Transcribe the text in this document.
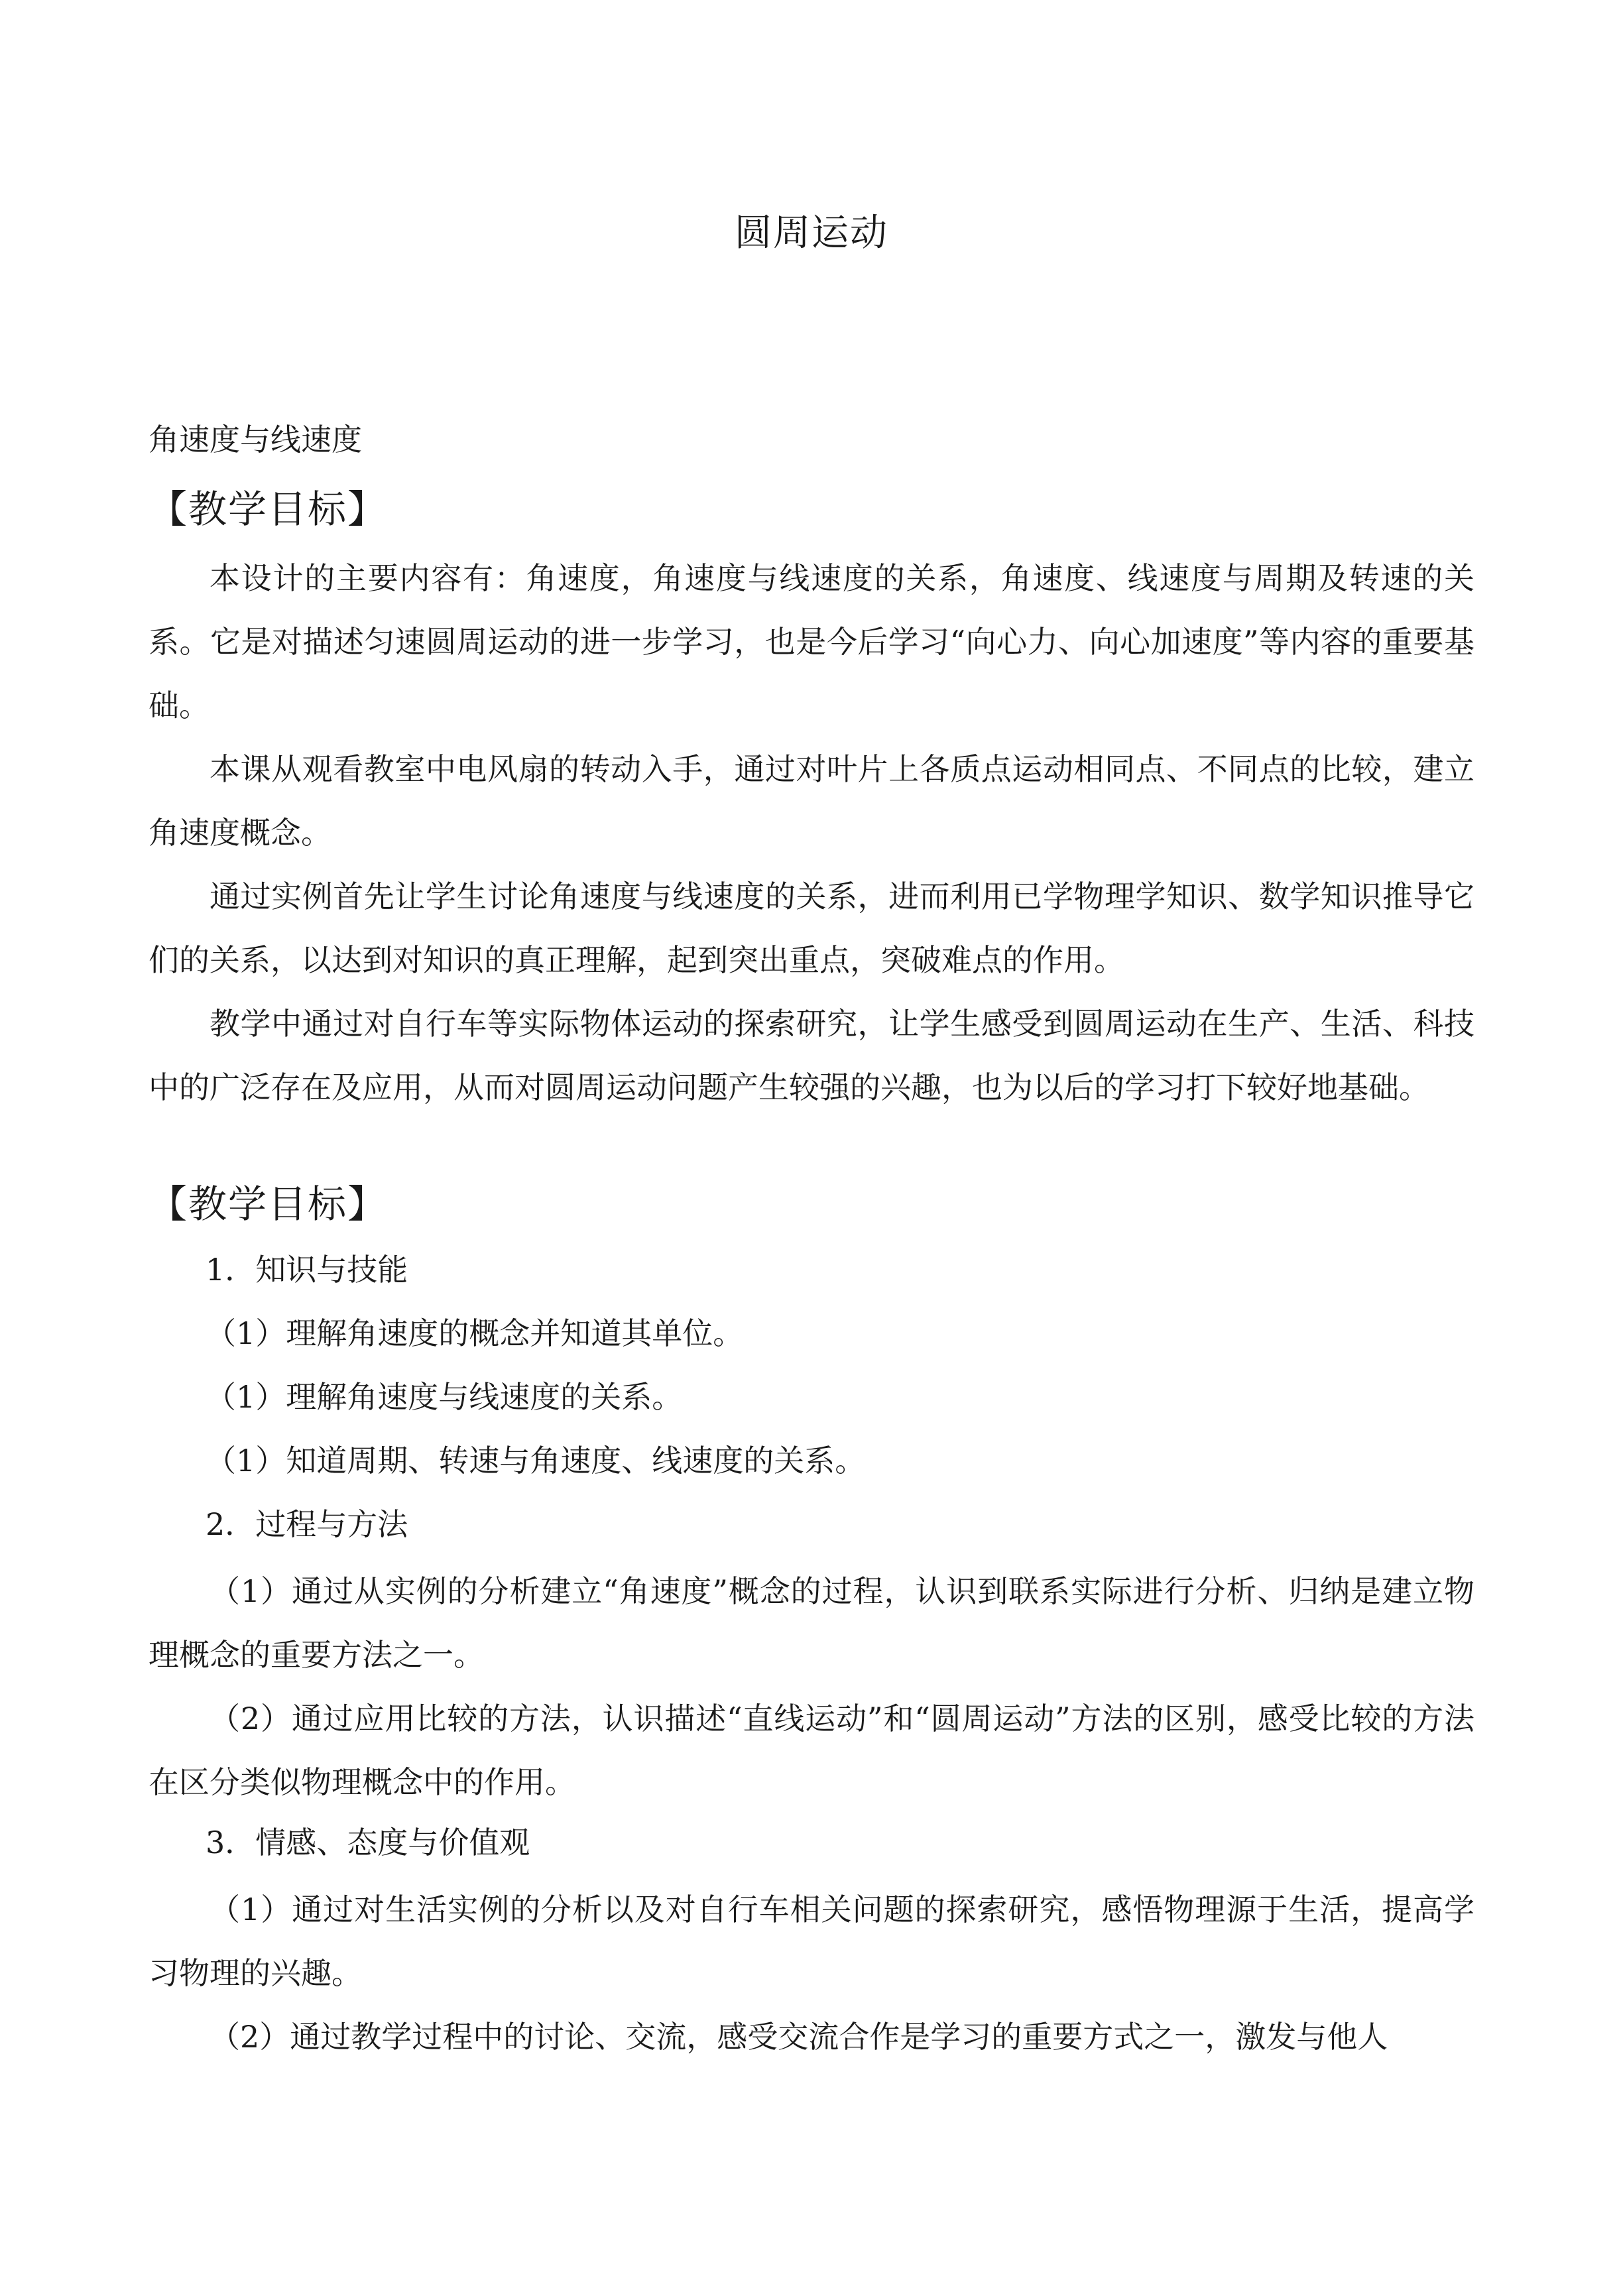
圆周运动
角速度与线速度
【教学目标】

本设计的主要内容有：角速度，角速度与线速度的关系，角速度、线速度与周期及转速的关系。它是对描述匀速圆周运动的进一步学习，也是今后学习“向心力、向心加速度”等内容的重要基础。

本课从观看教室中电风扇的转动入手，通过对叶片上各质点运动相同点、不同点的比较，建立角速度概念。

通过实例首先让学生讨论角速度与线速度的关系，进而利用已学物理学知识、数学知识推导它们的关系，以达到对知识的真正理解，起到突出重点，突破难点的作用。

教学中通过对自行车等实际物体运动的探索研究，让学生感受到圆周运动在生产、生活、科技中的广泛存在及应用，从而对圆周运动问题产生较强的兴趣，也为以后的学习打下较好地基础。

【教学目标】
1．知识与技能
（1）理解角速度的概念并知道其单位。
（1）理解角速度与线速度的关系。
（1）知道周期、转速与角速度、线速度的关系。
2．过程与方法

（1）通过从实例的分析建立“角速度”概念的过程，认识到联系实际进行分析、归纳是建立物理概念的重要方法之一。

（2）通过应用比较的方法，认识描述“直线运动”和“圆周运动”方法的区别，感受比较的方法在区分类似物理概念中的作用。

3．情感、态度与价值观

（1）通过对生活实例的分析以及对自行车相关问题的探索研究，感悟物理源于生活，提高学习物理的兴趣。

（2）通过教学过程中的讨论、交流，感受交流合作是学习的重要方式之一，激发与他人
